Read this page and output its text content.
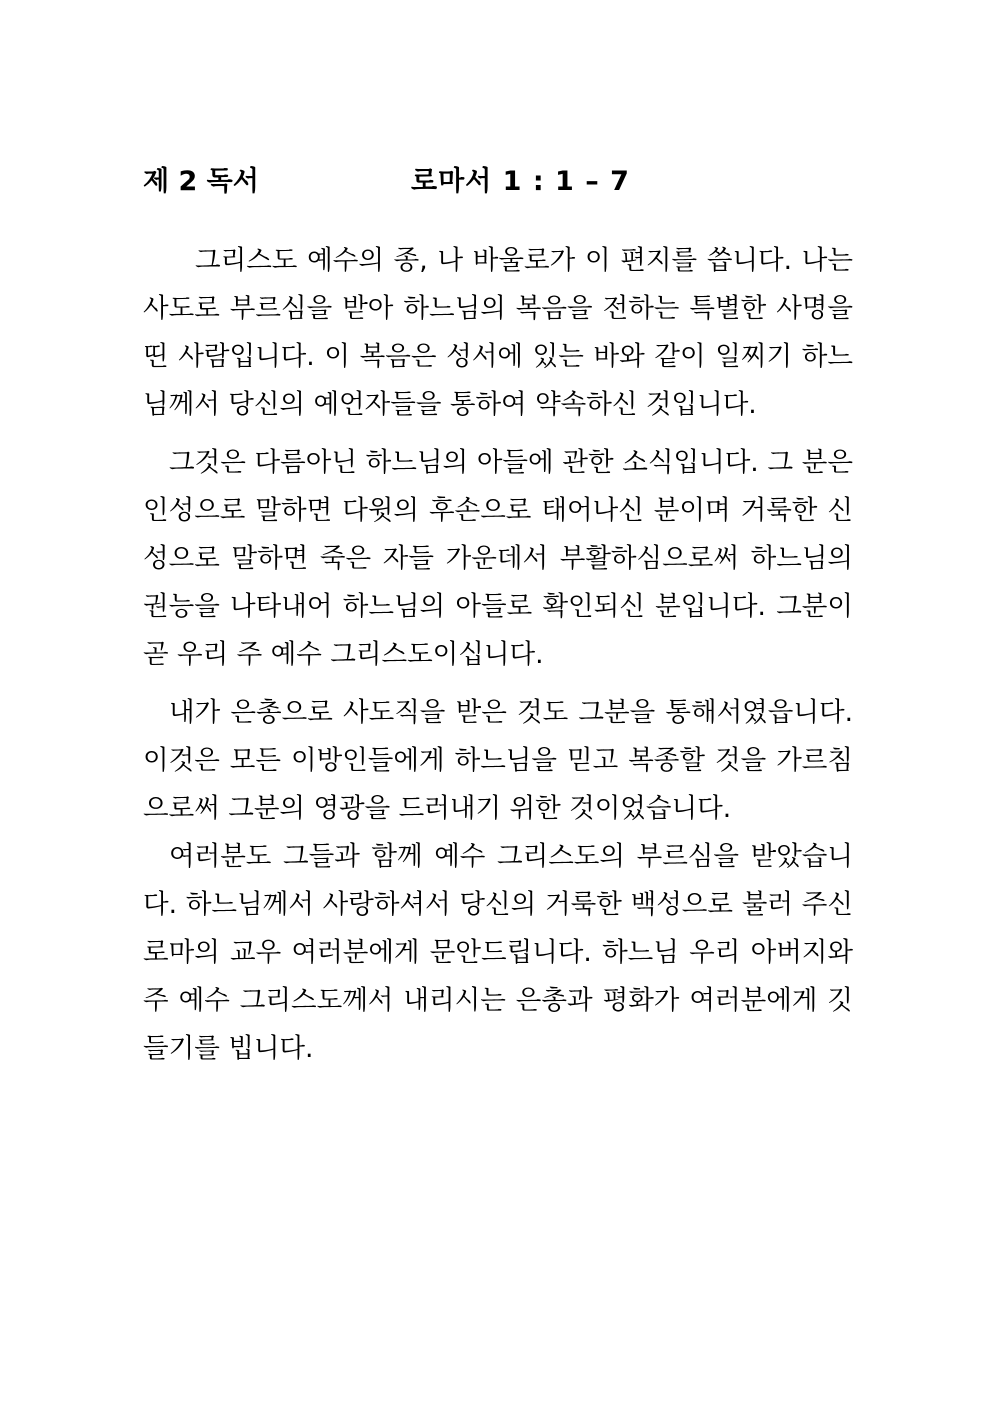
제 2 독서	로마서 1 : 1 – 7

그리스도 예수의 종, 나 바울로가 이 편지를 씁니다. 나는 사도로 부르심을 받아 하느님의 복음을 전하는 특별한 사명을 띤 사람입니다. 이 복음은 성서에 있는 바와 같이 일찌기 하느님께서 당신의 예언자들을 통하여 약속하신 것입니다.

그것은 다름아닌 하느님의 아들에 관한 소식입니다. 그 분은 인성으로 말하면 다윗의 후손으로 태어나신 분이며 거룩한 신성으로 말하면 죽은 자들 가운데서 부활하심으로써 하느님의 권능을 나타내어 하느님의 아들로 확인되신 분입니다. 그분이 곧 우리 주 예수 그리스도이십니다.

내가 은총으로 사도직을 받은 것도 그분을 통해서였읍니다. 이것은 모든 이방인들에게 하느님을 믿고 복종할 것을 가르침으로써 그분의 영광을 드러내기 위한 것이었습니다.

여러분도 그들과 함께 예수 그리스도의 부르심을 받았습니다. 하느님께서 사랑하셔서 당신의 거룩한 백성으로 불러 주신 로마의 교우 여러분에게 문안드립니다. 하느님 우리 아버지와 주 예수 그리스도께서 내리시는 은총과 평화가 여러분에게 깃들기를 빕니다.
